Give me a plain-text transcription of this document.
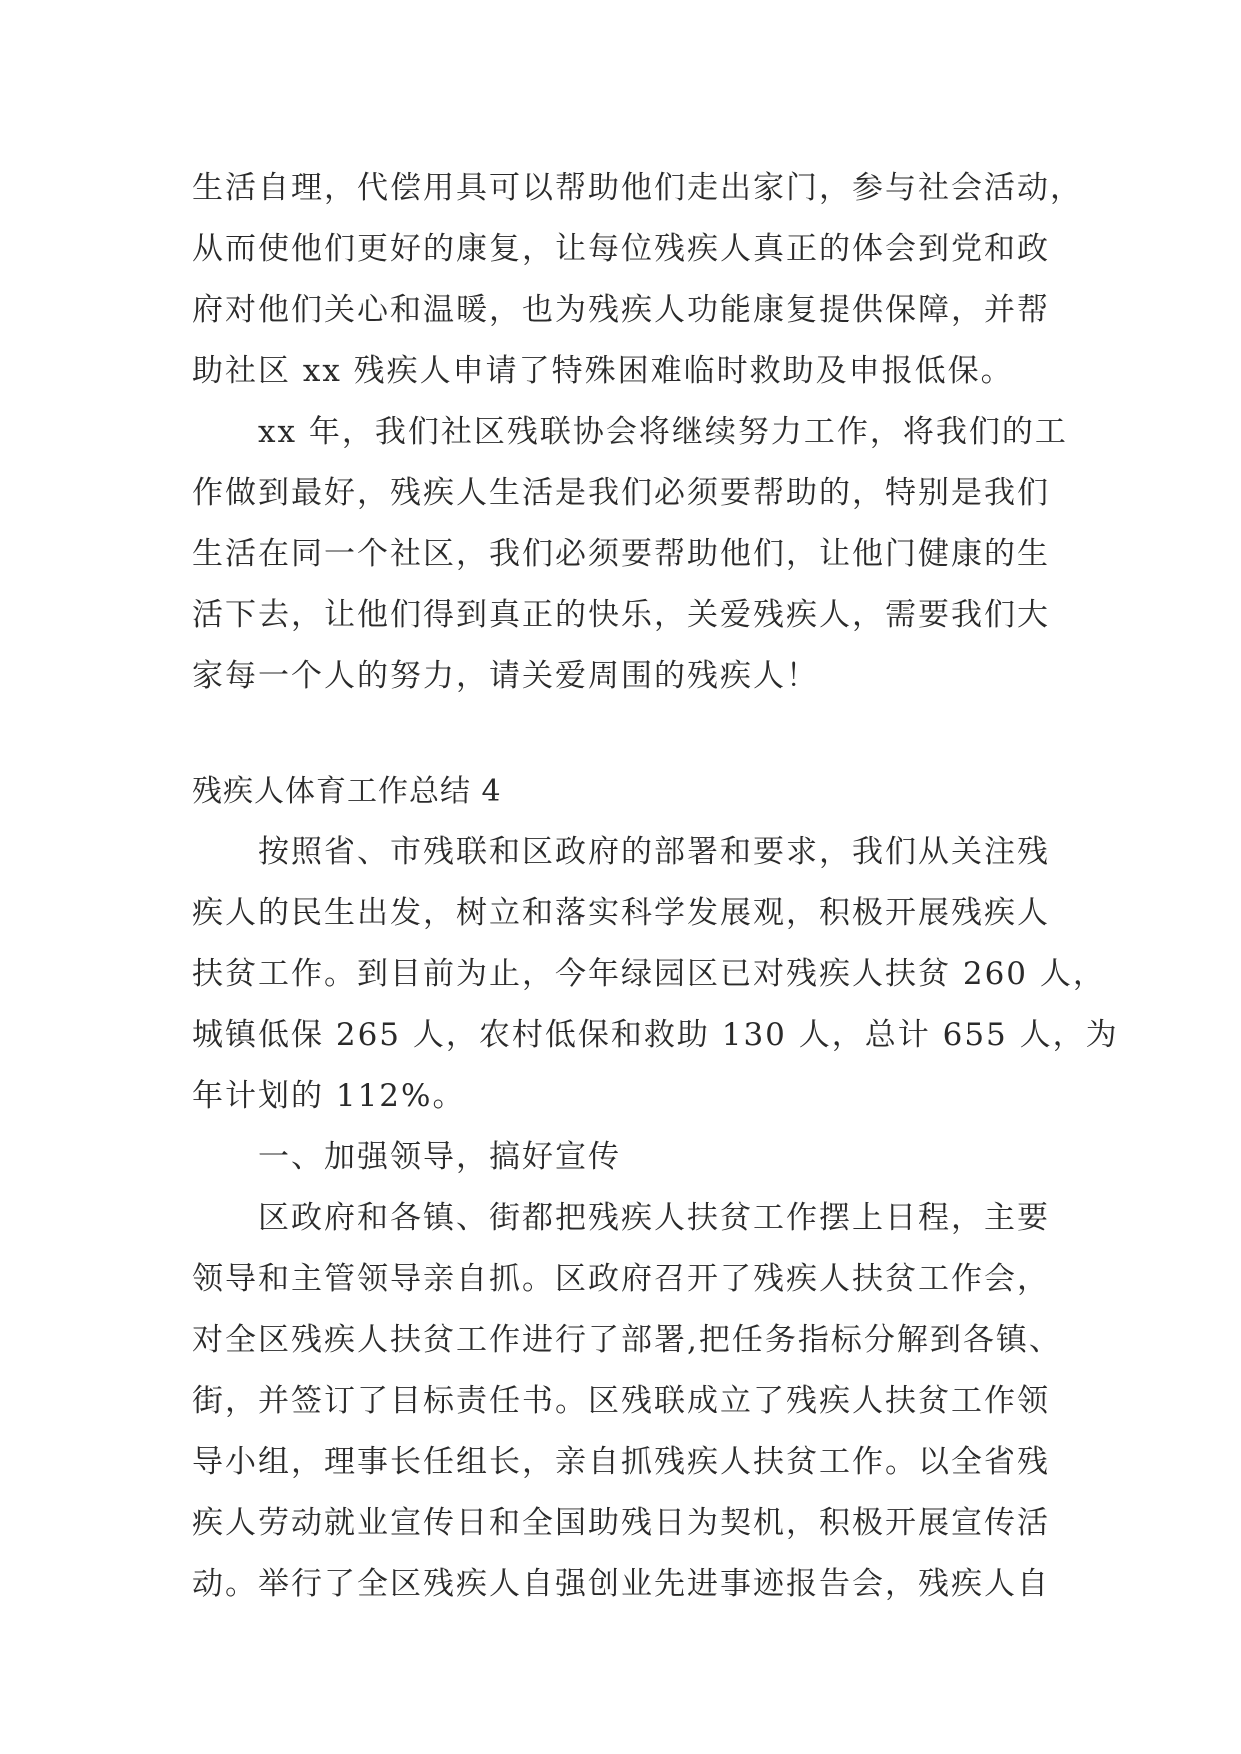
生活自理，代偿用具可以帮助他们走出家门，参与社会活动，
从而使他们更好的康复，让每位残疾人真正的体会到党和政
府对他们关心和温暖，也为残疾人功能康复提供保障，并帮
助社区 xx 残疾人申请了特殊困难临时救助及申报低保。
xx 年，我们社区残联协会将继续努力工作，将我们的工
作做到最好，残疾人生活是我们必须要帮助的，特别是我们
生活在同一个社区，我们必须要帮助他们，让他门健康的生
活下去，让他们得到真正的快乐，关爱残疾人，需要我们大
家每一个人的努力，请关爱周围的残疾人！
残疾人体育工作总结 4
按照省、市残联和区政府的部署和要求，我们从关注残
疾人的民生出发，树立和落实科学发展观，积极开展残疾人
扶贫工作。到目前为止，今年绿园区已对残疾人扶贫 260 人，
城镇低保 265 人，农村低保和救助 130 人，总计 655 人，为
年计划的 112%。
一、加强领导，搞好宣传
区政府和各镇、街都把残疾人扶贫工作摆上日程，主要
领导和主管领导亲自抓。区政府召开了残疾人扶贫工作会，
对全区残疾人扶贫工作进行了部署,把任务指标分解到各镇、
街，并签订了目标责任书。区残联成立了残疾人扶贫工作领
导小组，理事长任组长，亲自抓残疾人扶贫工作。以全省残
疾人劳动就业宣传日和全国助残日为契机，积极开展宣传活
动。举行了全区残疾人自强创业先进事迹报告会，残疾人自
